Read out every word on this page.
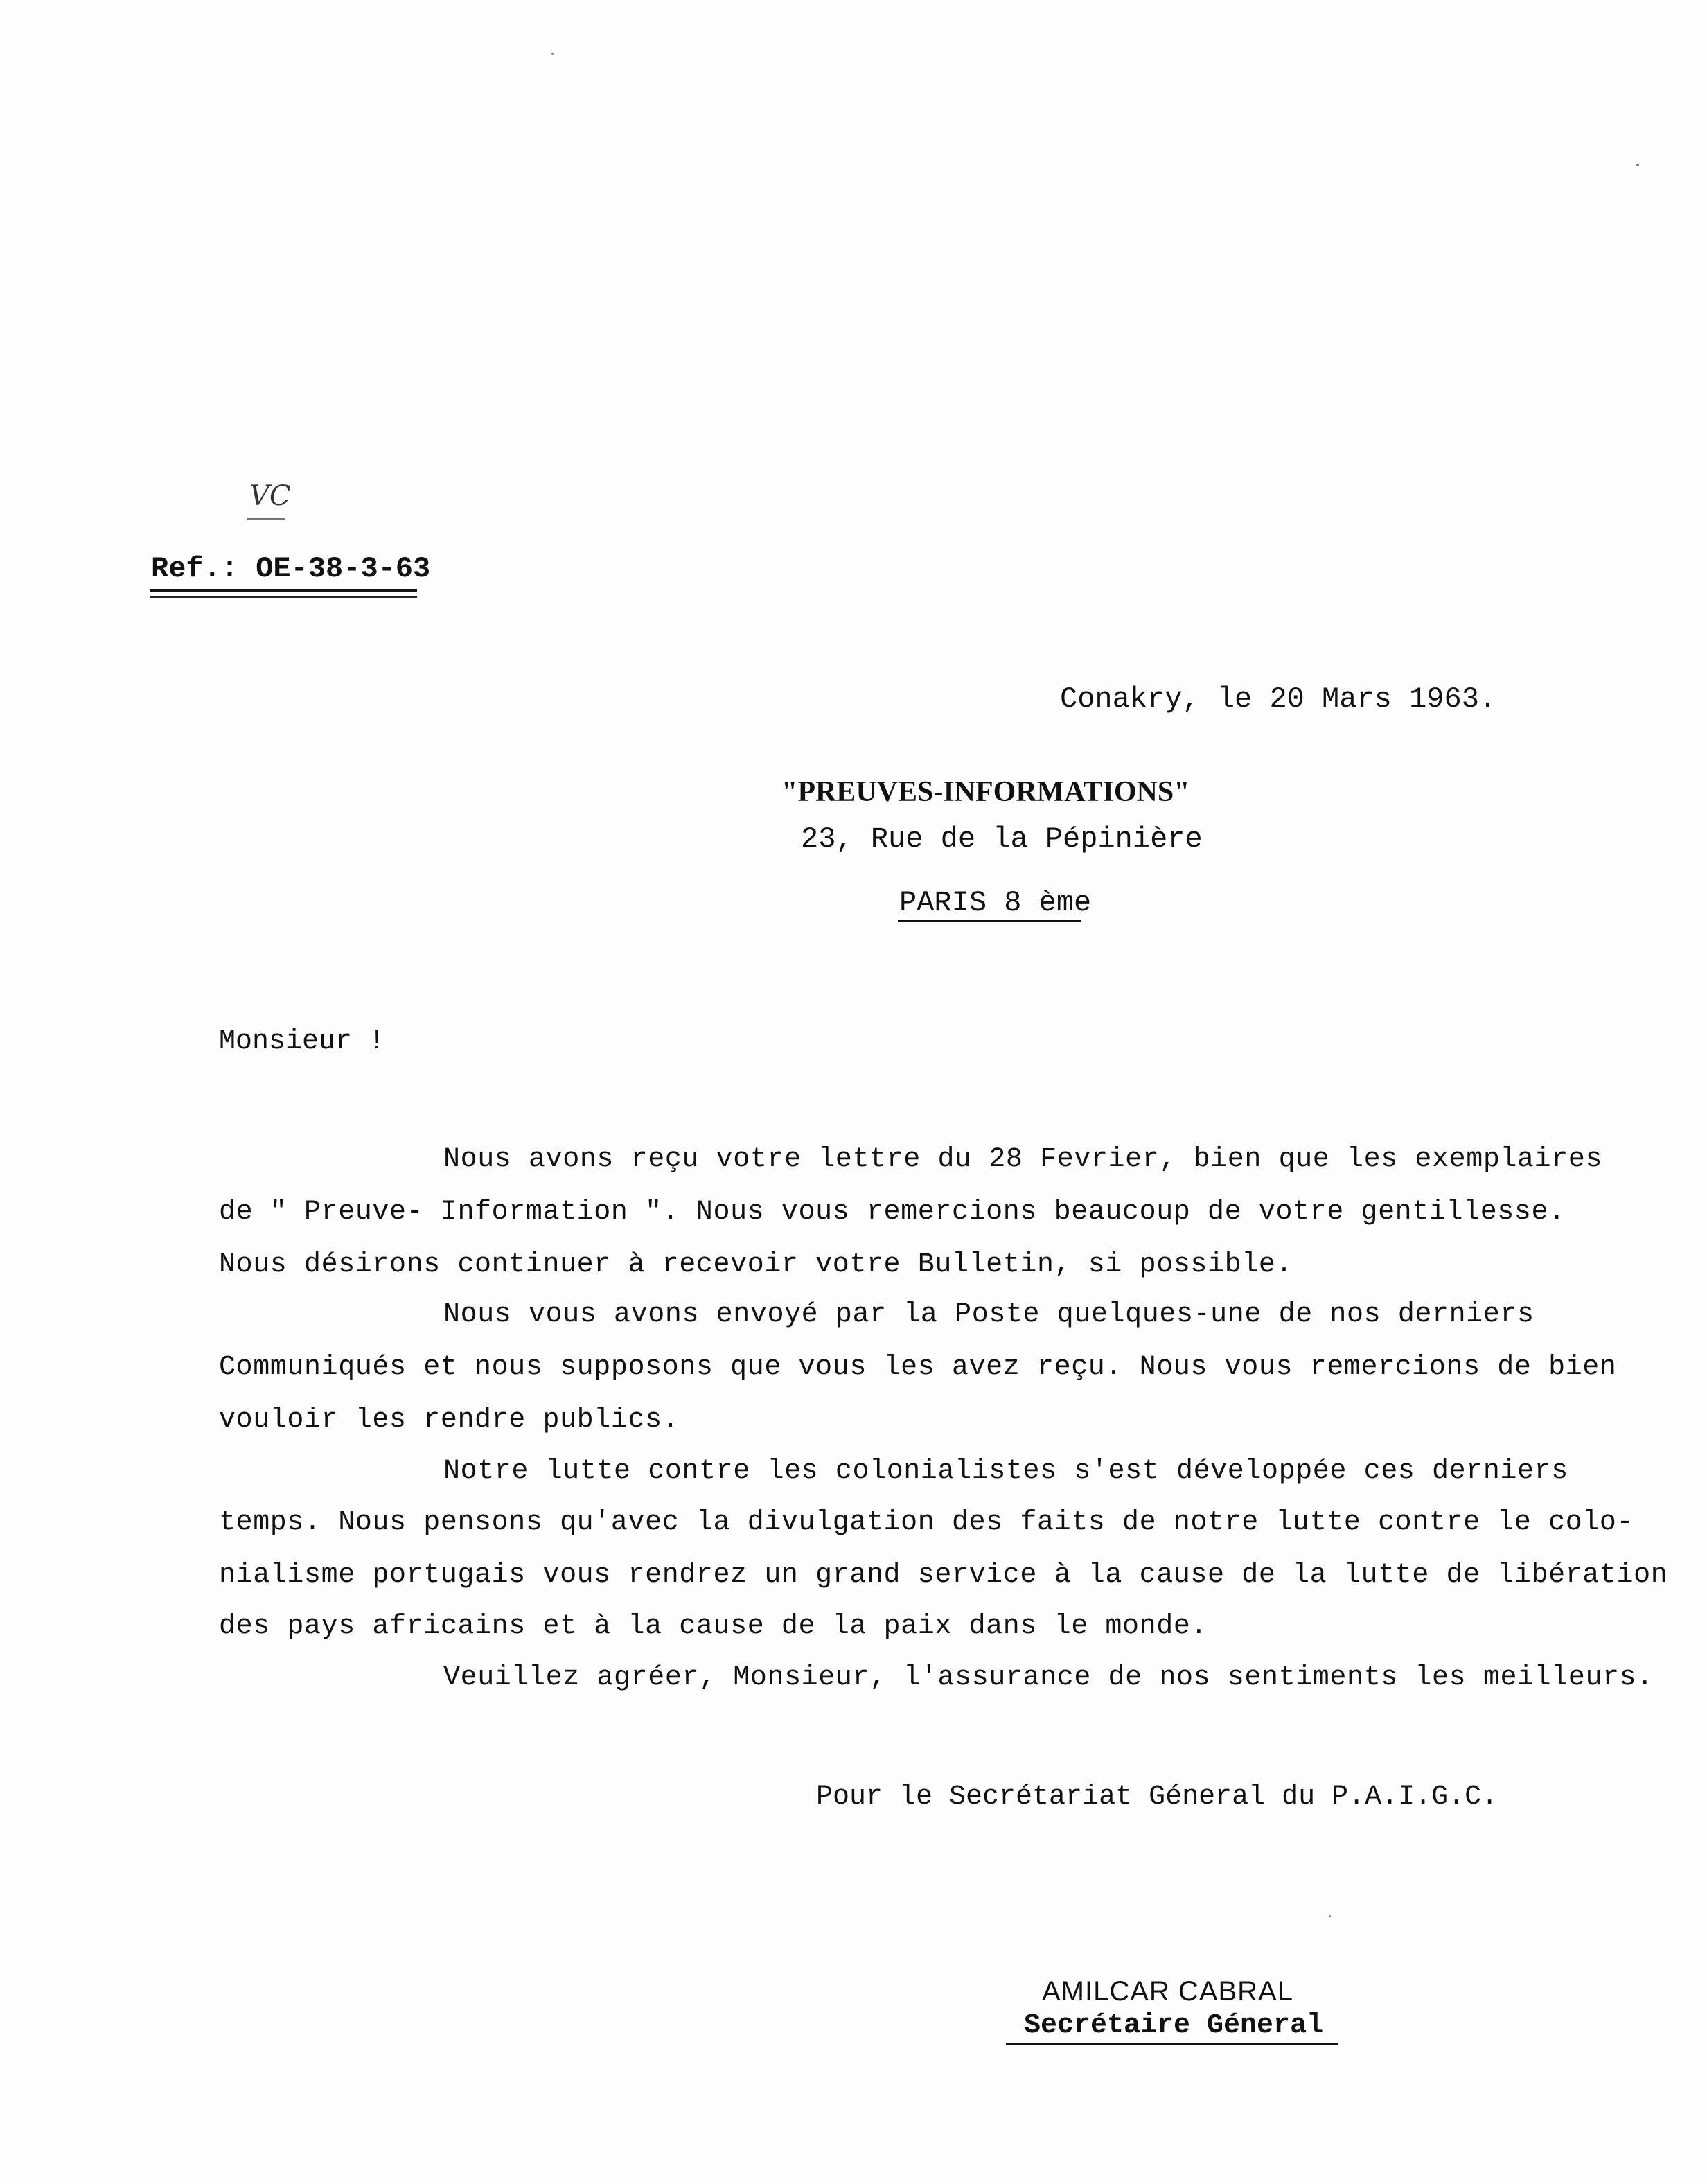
VC
Ref.: OE-38-3-63
Conakry, le 20 Mars 1963.
"PREUVES-INFORMATIONS"
23, Rue de la Pépinière
PARIS 8 ème
Monsieur !
Nous avons reçu votre lettre du 28 Fevrier, bien que les exemplaires
de " Preuve- Information ". Nous vous remercions beaucoup de votre gentillesse.
Nous désirons continuer à recevoir votre Bulletin, si possible.
Nous vous avons envoyé par la Poste quelques-une de nos derniers
Communiqués et nous supposons que vous les avez reçu. Nous vous remercions de bien
vouloir les rendre publics.
Notre lutte contre les colonialistes s'est développée ces derniers
temps. Nous pensons qu'avec la divulgation des faits de notre lutte contre le colo-
nialisme portugais vous rendrez un grand service à la cause de la lutte de libération
des pays africains et à la cause de la paix dans le monde.
Veuillez agréer, Monsieur, l'assurance de nos sentiments les meilleurs.
Pour le Secrétariat Géneral du P.A.I.G.C.
AMILCAR CABRAL
Secrétaire Géneral
